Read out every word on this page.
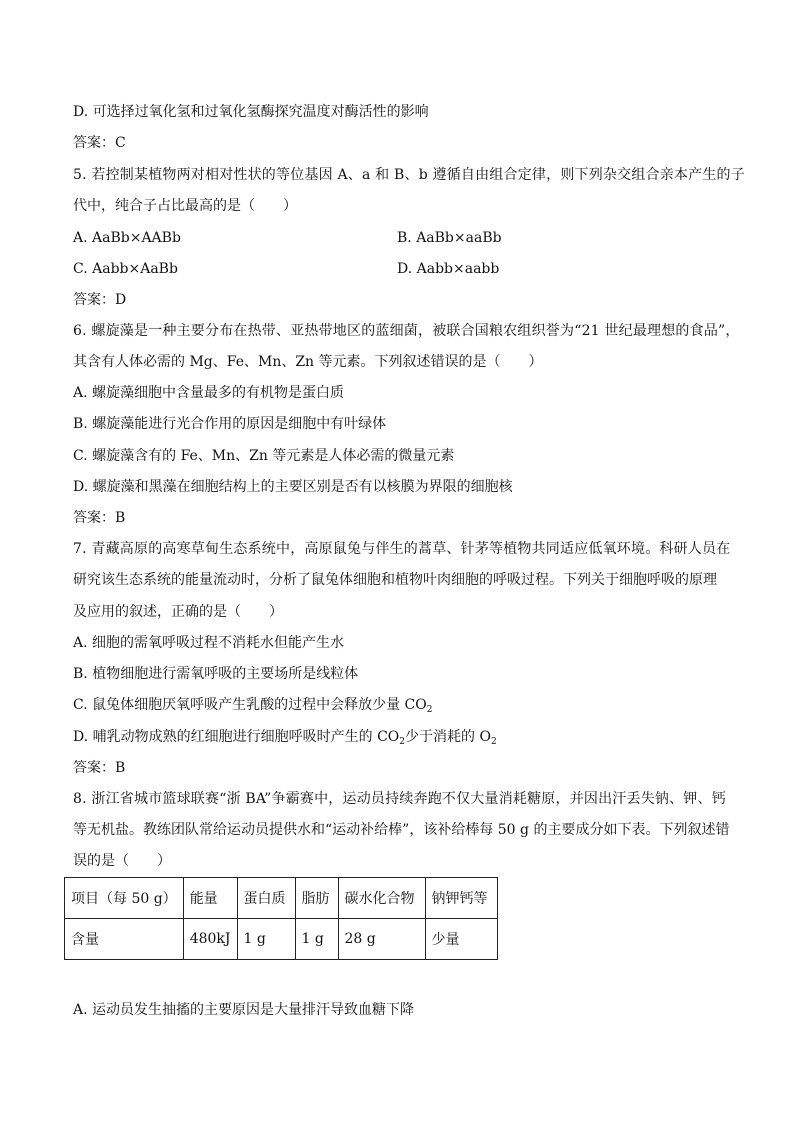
D. 可选择过氧化氢和过氧化氢酶探究温度对酶活性的影响
答案：C
5. 若控制某植物两对相对性状的等位基因 A、a 和 B、b 遵循自由组合定律，则下列杂交组合亲本产生的子
代中，纯合子占比最高的是（　　）
A. AaBb×AABb	B. AaBb×aaBb
C. Aabb×AaBb	D. Aabb×aabb
答案：D
6. 螺旋藻是一种主要分布在热带、亚热带地区的蓝细菌，被联合国粮农组织誉为“21 世纪最理想的食品”，
其含有人体必需的 Mg、Fe、Mn、Zn 等元素。下列叙述错误的是（　　）
A. 螺旋藻细胞中含量最多的有机物是蛋白质
B. 螺旋藻能进行光合作用的原因是细胞中有叶绿体
C. 螺旋藻含有的 Fe、Mn、Zn 等元素是人体必需的微量元素
D. 螺旋藻和黑藻在细胞结构上的主要区别是否有以核膜为界限的细胞核
答案：B
7. 青藏高原的高寒草甸生态系统中，高原鼠兔与伴生的蒿草、针茅等植物共同适应低氧环境。科研人员在
研究该生态系统的能量流动时，分析了鼠兔体细胞和植物叶肉细胞的呼吸过程。下列关于细胞呼吸的原理
及应用的叙述，正确的是（　　）
A. 细胞的需氧呼吸过程不消耗水但能产生水
B. 植物细胞进行需氧呼吸的主要场所是线粒体
C. 鼠兔体细胞厌氧呼吸产生乳酸的过程中会释放少量 $CO_2$
D. 哺乳动物成熟的红细胞进行细胞呼吸时产生的 $CO_2$少于消耗的 $O_2$
答案：B
8. 浙江省城市篮球联赛“浙 BA”争霸赛中，运动员持续奔跑不仅大量消耗糖原，并因出汗丢失钠、钾、钙
等无机盐。教练团队常给运动员提供水和“运动补给棒”，该补给棒每 50 g 的主要成分如下表。下列叙述错
误的是（　　）
项目（每 50 g）	能量	蛋白质	脂肪	碳水化合物	钠钾钙等
含量	480kJ	1 g	1 g	28 g	少量
A. 运动员发生抽搐的主要原因是大量排汗导致血糖下降
